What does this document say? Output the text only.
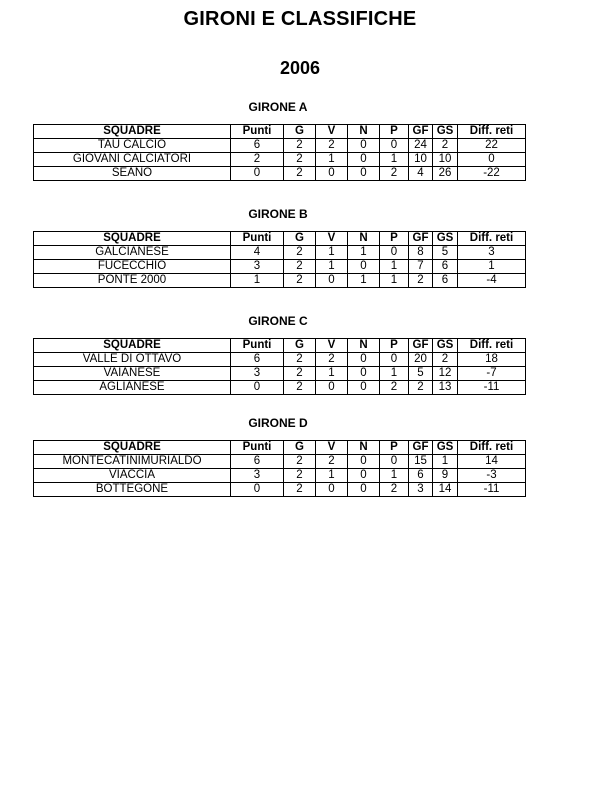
GIRONI E CLASSIFICHE
2006
GIRONE A
SQUADRE	Punti	G	V	N	P	GF	GS	Diff. reti
TAU CALCIO	6	2	2	0	0	24	2	22
GIOVANI CALCIATORI	2	2	1	0	1	10	10	0
SEANO	0	2	0	0	2	4	26	-22
GIRONE B
SQUADRE	Punti	G	V	N	P	GF	GS	Diff. reti
GALCIANESE	4	2	1	1	0	8	5	3
FUCECCHIO	3	2	1	0	1	7	6	1
PONTE 2000	1	2	0	1	1	2	6	-4
GIRONE C
SQUADRE	Punti	G	V	N	P	GF	GS	Diff. reti
VALLE DI OTTAVO	6	2	2	0	0	20	2	18
VAIANESE	3	2	1	0	1	5	12	-7
AGLIANESE	0	2	0	0	2	2	13	-11
GIRONE D
SQUADRE	Punti	G	V	N	P	GF	GS	Diff. reti
MONTECATINIMURIALDO	6	2	2	0	0	15	1	14
VIACCIA	3	2	1	0	1	6	9	-3
BOTTEGONE	0	2	0	0	2	3	14	-11
